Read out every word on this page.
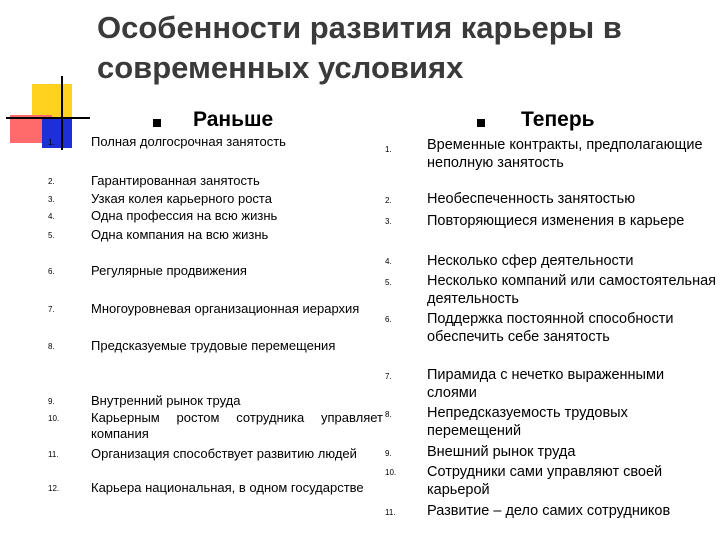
Особенности развития карьеры в современных условиях
Раньше	Теперь
1.
2.
3.
4.
5.
6.
7.
8.
9.
10.
11.
12.
Полная долгосрочная занятость
Гарантированная занятость
Узкая колея карьерного роста
Одна профессия на всю жизнь
Одна компания на всю жизнь
Регулярные продвижения
Многоуровневая организационная иерархия
Предсказуемые трудовые перемещения
Внутренний рынок труда
Карьерным ростом сотрудника управляет компания
Организация способствует развитию людей
Карьера национальная, в одном государстве
1.
2.
3.
4.
5.
6.
7.
8.
9.
10.
11.
Временные контракты, предполагающие неполную занятость
Необеспеченность занятостью
Повторяющиеся изменения в карьере
Несколько сфер деятельности
Несколько компаний или самостоятельная деятельность
Поддержка постоянной способности обеспечить себе занятость
Пирамида с нечетко выраженными слоями
Непредсказуемость трудовых перемещений
Внешний рынок труда
Сотрудники сами управляют своей карьерой
Развитие – дело самих сотрудников
